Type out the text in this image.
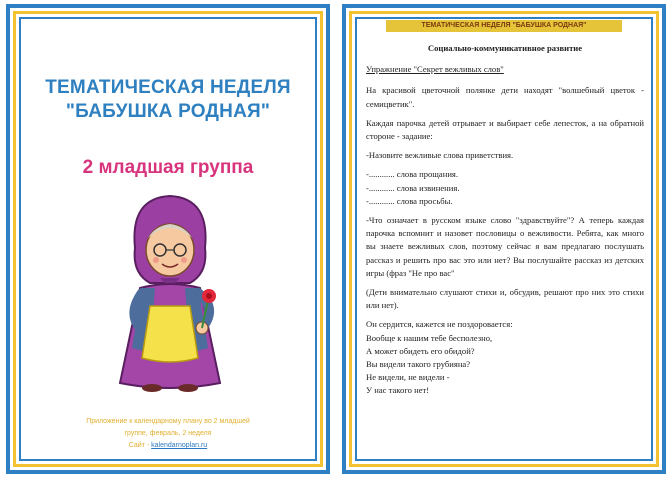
ТЕМАТИЧЕСКАЯ НЕДЕЛЯ
"БАБУШКА РОДНАЯ"
2 младшая группа
Приложение к календарному плану во 2 младшей
группе, февраль, 2 неделя
Сайт - kalendarnoplan.ru
ТЕМАТИЧЕСКАЯ НЕДЕЛЯ "БАБУШКА РОДНАЯ"
Социально-коммуникативное развитие
Упражнение "Секрет вежливых слов"
На красивой цветочной полянке дети находят "волшебный цветок - семицветик".
Каждая парочка детей отрывает и выбирает себе лепесток, а на обратной стороне - задание:
-Назовите вежливые слова приветствия.
-............ слова прощания.
-............ слова извинения.
-............ слова просьбы.
-Что означает в русском языке слово "здравствуйте"? А теперь каждая парочка вспомнит и назовет пословицы о вежливости. Ребята, как много вы знаете вежливых слов, поэтому сейчас я вам предлагаю послушать рассказ и решить про вас это или нет? Вы послушайте рассказ из детских игры (фраз "Не про вас"
(Дети внимательно слушают стихи и, обсудив, решают про них это стихи или нет).
Он сердится, кажется не поздоровается:
Вообще к нашим тебе бесполезно,
А может обидеть его обидой?
Вы видели такого грубияна?
Не видели, не видели -
У нас такого нет!
